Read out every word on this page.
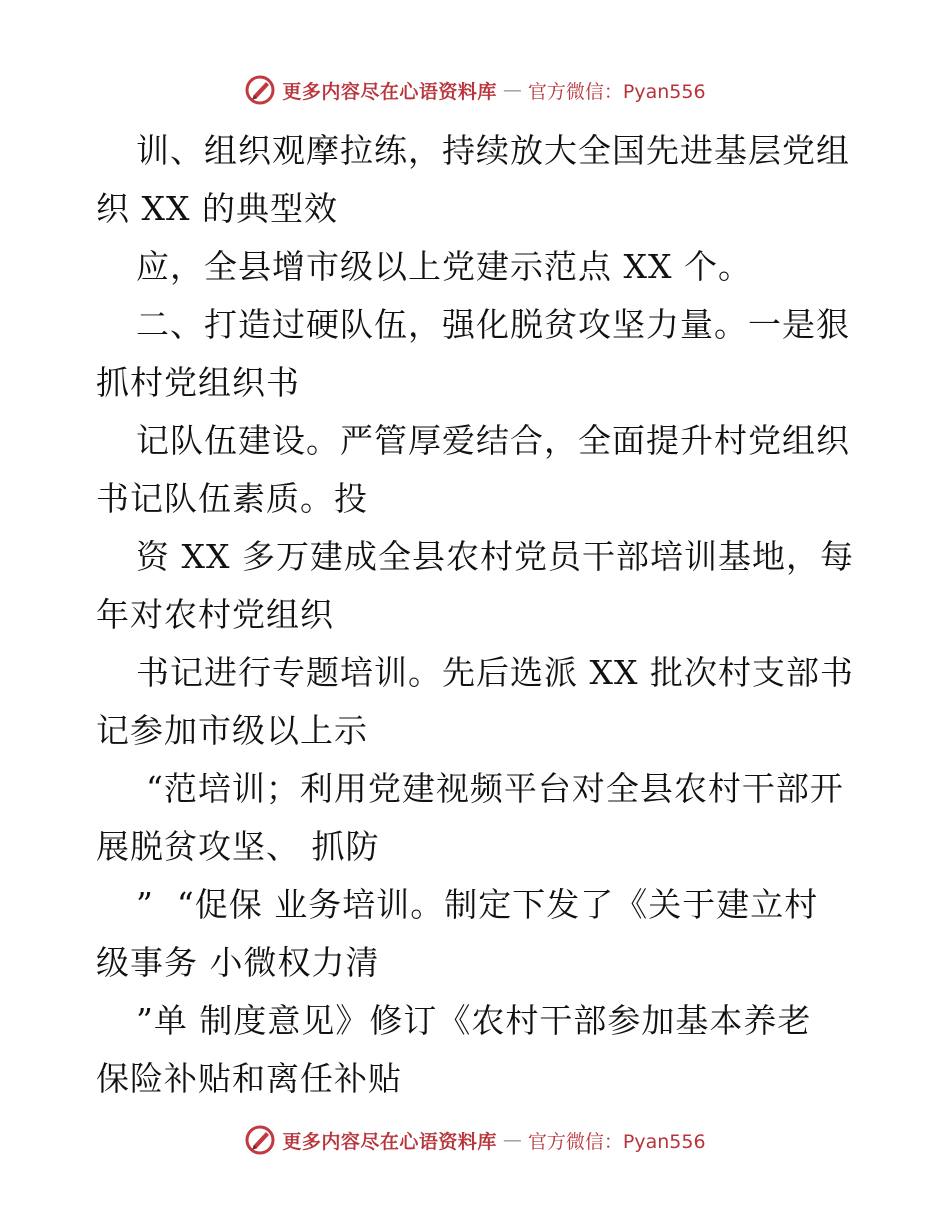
更多内容尽在心语资料库 — 官方微信：Pyan556
训、组织观摩拉练，持续放大全国先进基层党组
织 XX 的典型效
应，全县增市级以上党建示范点 XX 个。
二、打造过硬队伍，强化脱贫攻坚力量。一是狠
抓村党组织书
记队伍建设。严管厚爱结合，全面提升村党组织
书记队伍素质。投
资 XX 多万建成全县农村党员干部培训基地，每
年对农村党组织
书记进行专题培训。先后选派 XX 批次村支部书
记参加市级以上示
“范培训；利用党建视频平台对全县农村干部开
展脱贫攻坚、 抓防
”  “促保 业务培训。制定下发了《关于建立村
级事务 小微权力清
”单 制度意见》修订《农村干部参加基本养老
保险补贴和离任补贴
更多内容尽在心语资料库 — 官方微信：Pyan556
